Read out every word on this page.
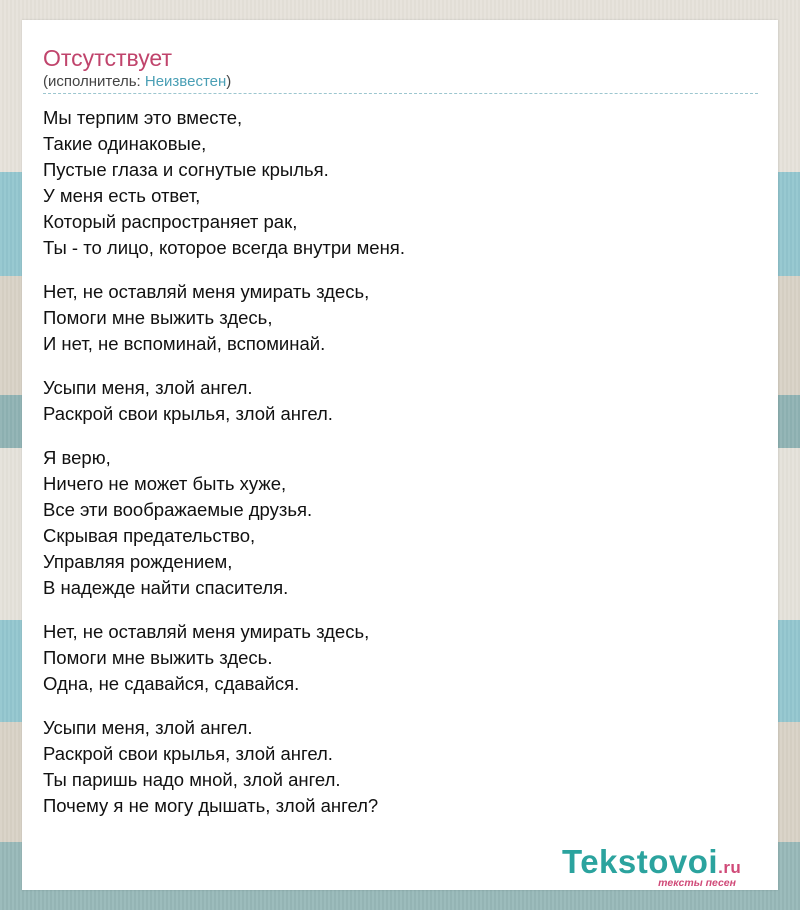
Отсутствует
(исполнитель: Неизвестен)
Мы терпим это вместе,
Такие одинаковые,
Пустые глаза и согнутые крылья.
У меня есть ответ,
Который распространяет рак,
Ты - то лицо, которое всегда внутри меня.
Нет, не оставляй меня умирать здесь,
Помоги мне выжить здесь,
И нет, не вспоминай, вспоминай.
Усыпи меня, злой ангел.
Раскрой свои крылья, злой ангел.
Я верю,
Ничего не может быть хуже,
Все эти воображаемые друзья.
Скрывая предательство,
Управляя рождением,
В надежде найти спасителя.
Нет, не оставляй меня умирать здесь,
Помоги мне выжить здесь.
Одна, не сдавайся, сдавайся.
Усыпи меня, злой ангел.
Раскрой свои крылья, злой ангел.
Ты паришь надо мной, злой ангел.
Почему я не могу дышать, злой ангел?
Tekstovoi.ru
тексты песен
